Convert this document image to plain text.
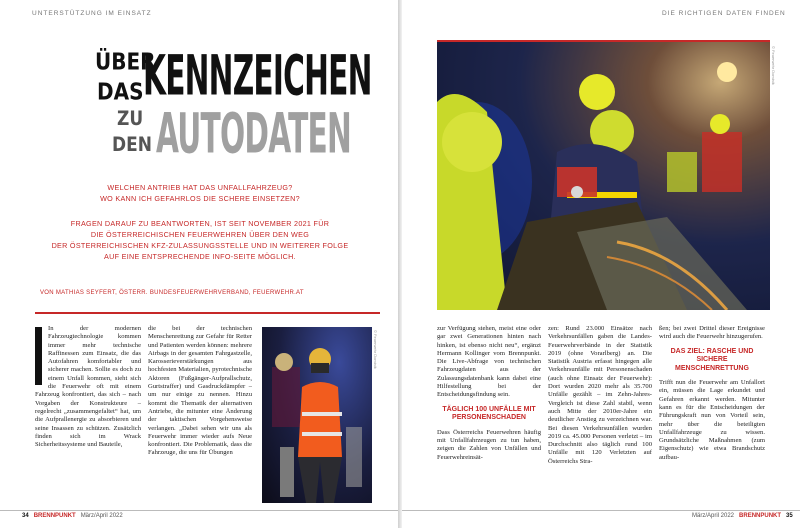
UNTERSTÜTZUNG IM EINSATZ
ÜBER
DAS KENNZEICHEN
ZU
DEN AUTODATEN
WELCHEN ANTRIEB HAT DAS UNFALLFAHRZEUG?
WO KANN ICH GEFAHRLOS DIE SCHERE EINSETZEN?
FRAGEN DARAUF ZU BEANTWORTEN, IST SEIT NOVEMBER 2021 FÜR
DIE ÖSTERREICHISCHEN FEUERWEHREN ÜBER DEN WEG
DER ÖSTERREICHISCHEN KFZ-ZULASSUNGSSTELLE UND IN WEITERER FOLGE
AUF EINE ENTSPRECHENDE INFO-SEITE MÖGLICH.
VON MATHIAS SEYFERT, ÖSTERR. BUNDESFEUERWEHRVERBAND, FEUERWEHR.AT
In der modernen Fahrzeugtechnologie kommen immer mehr technische Raffinessen zum Einsatz, die das Autofahren komfortabler und sicherer machen. Sollte es doch zu einem Unfall kommen, sieht sich die Feuerwehr oft mit einem Fahrzeug konfrontiert, das sich – nach Vorgaben der Konstrukteure – regelrecht „zusammengefaltet“ hat, um die Aufprallenergie zu absorbieren und seine Insassen zu schützen. Zusätzlich finden sich im Wrack Sicherheitssysteme und Bauteile,
die bei der technischen Menschenrettung zur Gefahr für Retter und Patienten werden können: mehrere Airbags in der gesamten Fahrgastzelle, Karosserieverstärkungen aus hochfesten Materialien, pyrotechnische Aktoren (Fußgänger-Aufprallschutz, Gurtstraffer) und Gasdruckdämpfer – um nur einige zu nennen. Hinzu kommt die Thematik der alternativen Antriebe, die mitunter eine Änderung der taktischen Vorgehensweise verlangen. „Dabei sehen wir uns als Feuerwehr immer wieder aufs Neue konfrontiert. Die Problematik, dass die Fahrzeuge, die uns für Übungen
© Feuerwehr Dominik
34 BRENNPUNKT März/April 2022
DIE RICHTIGEN DATEN FINDEN
© Feuerwehr Dominik
zur Verfügung stehen, meist eine oder gar zwei Generationen hinten nach hinken, ist ebenso nicht neu“, ergänzt Hermann Kollinger vom Brennpunkt. Die Live-Abfrage von technischen Fahrzeugdaten aus der Zulassungsdatenbank kann dabei eine Hilfestellung bei der Entscheidungsfindung sein.
TÄGLICH 100 UNFÄLLE MIT PERSONENSCHADEN
Dass Österreichs Feuerwehren häufig mit Unfallfahrzeugen zu tun haben, zeigen die Zahlen von Unfällen und Feuerwehreinsät-
zen: Rund 23.000 Einsätze nach Verkehrsunfällen gaben die Landes-Feuerwehrverbände in der Statistik 2019 (ohne Vorarlberg) an. Die Statistik Austria erfasst hingegen alle Verkehrsunfälle mit Personenschaden (auch ohne Einsatz der Feuerwehr): Dort wurden 2020 mehr als 35.700 Unfälle gezählt – im Zehn-Jahres-Vergleich ist diese Zahl stabil, wenn auch Mitte der 2010er-Jahre ein deutlicher Anstieg zu verzeichnen war. Bei diesen Verkehrsunfällen wurden 2019 ca. 45.000 Personen verletzt – im Durchschnitt also täglich rund 100 Unfälle mit 120 Verletzten auf Österreichs Stra-
ßen; bei zwei Drittel dieser Ereignisse wird auch die Feuerwehr hinzugerufen.
DAS ZIEL: RASCHE UND SICHERE MENSCHENRETTUNG
Trifft nun die Feuerwehr am Unfallort ein, müssen die Lage erkundet und Gefahren erkannt werden. Mitunter kann es für die Entscheidungen der Führungskraft nun von Vorteil sein, mehr über die beteiligten Unfallfahrzeuge zu wissen. Grundsätzliche Maßnahmen (zum Eigenschutz) wie etwa Brandschutz aufbau-
März/April 2022 BRENNPUNKT 35
